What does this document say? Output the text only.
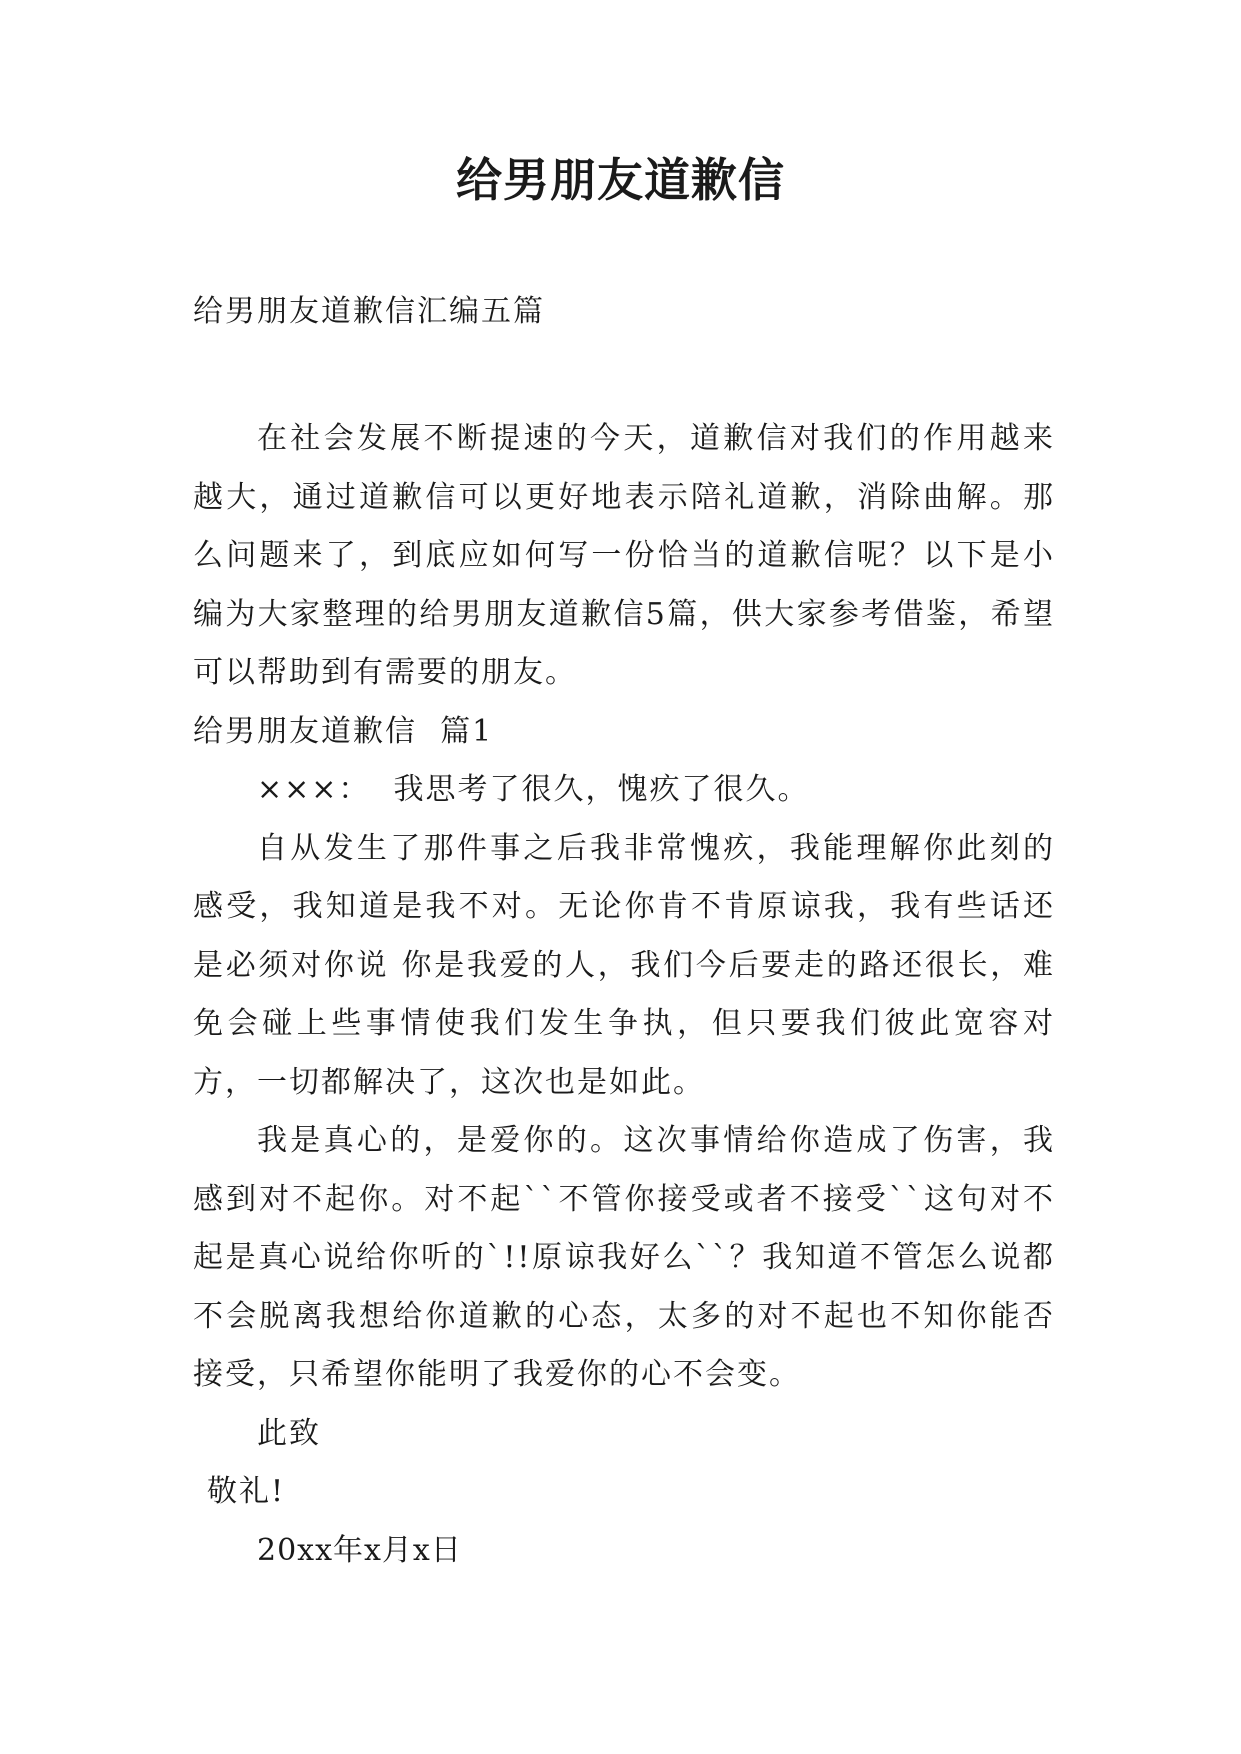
给男朋友道歉信

给男朋友道歉信汇编五篇

在社会发展不断提速的今天，道歉信对我们的作用越来越大，通过道歉信可以更好地表示陪礼道歉，消除曲解。那么问题来了，到底应如何写一份恰当的道歉信呢？以下是小编为大家整理的给男朋友道歉信5篇，供大家参考借鉴，希望可以帮助到有需要的朋友。

给男朋友道歉信  篇1

×××：  我思考了很久，愧疚了很久。

自从发生了那件事之后我非常愧疚，我能理解你此刻的感受，我知道是我不对。无论你肯不肯原谅我，我有些话还是必须对你说 你是我爱的人，我们今后要走的路还很长，难免会碰上些事情使我们发生争执，但只要我们彼此宽容对方，一切都解决了，这次也是如此。

我是真心的，是爱你的。这次事情给你造成了伤害，我感到对不起你。对不起``不管你接受或者不接受``这句对不起是真心说给你听的`!!原谅我好么``？我知道不管怎么说都不会脱离我想给你道歉的心态，太多的对不起也不知你能否接受，只希望你能明了我爱你的心不会变。

此致

敬礼!

20xx年x月x日
